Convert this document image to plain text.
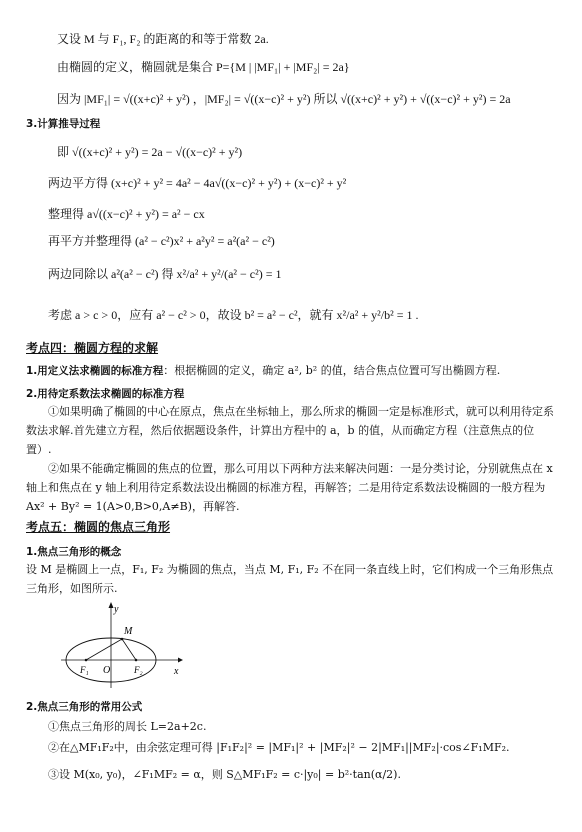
又设 M 与 F₁, F₂ 的距离的和等于常数 2a.
由椭圆的定义，椭圆就是集合 P={M | |MF₁| + |MF₂| = 2a}
因为 |MF₁| = √((x+c)² + y²) ，|MF₂| = √((x−c)² + y²) 所以 √((x+c)² + y²) + √((x−c)² + y²) = 2a
3.计算推导过程
即 √((x+c)² + y²) = 2a − √((x−c)² + y²)
两边平方得 (x+c)² + y² = 4a² − 4a√((x−c)² + y²) + (x−c)² + y²
整理得 a√((x−c)² + y²) = a² − cx
再平方并整理得 (a² − c²)x² + a²y² = a²(a² − c²)
两边同除以 a²(a² − c²) 得 x²/a² + y²/(a² − c²) = 1
考虑 a > c > 0，应有 a² − c² > 0，故设 b² = a² − c²，就有 x²/a² + y²/b² = 1 .
考点四：椭圆方程的求解
1.用定义法求椭圆的标准方程：根据椭圆的定义，确定 a², b² 的值，结合焦点位置可写出椭圆方程.
2.用待定系数法求椭圆的标准方程
①如果明确了椭圆的中心在原点，焦点在坐标轴上，那么所求的椭圆一定是标准形式，就可以利用待定系数法求解.首先建立方程，然后依据题设条件，计算出方程中的 a，b 的值，从而确定方程（注意焦点的位置）.
②如果不能确定椭圆的焦点的位置，那么可用以下两种方法来解决问题：一是分类讨论，分别就焦点在 x 轴上和焦点在 y 轴上利用待定系数法设出椭圆的标准方程，再解答；二是用待定系数法设椭圆的一般方程为 Ax² + By² = 1(A>0,B>0,A≠B)，再解答.
考点五：椭圆的焦点三角形
1.焦点三角形的概念
设 M 是椭圆上一点，F₁, F₂ 为椭圆的焦点，当点 M, F₁, F₂ 不在同一条直线上时，它们构成一个三角形焦点三角形，如图所示.
y
x
M
F₁ O	F₂
2.焦点三角形的常用公式
①焦点三角形的周长 L=2a+2c.
②在△MF₁F₂中，由余弦定理可得 |F₁F₂|² = |MF₁|² + |MF₂|² − 2|MF₁||MF₂|·cos∠F₁MF₂.
③设 M(x₀, y₀)，∠F₁MF₂ = α，则 S△MF₁F₂ = c·|y₀| = b²·tan(α/2).
